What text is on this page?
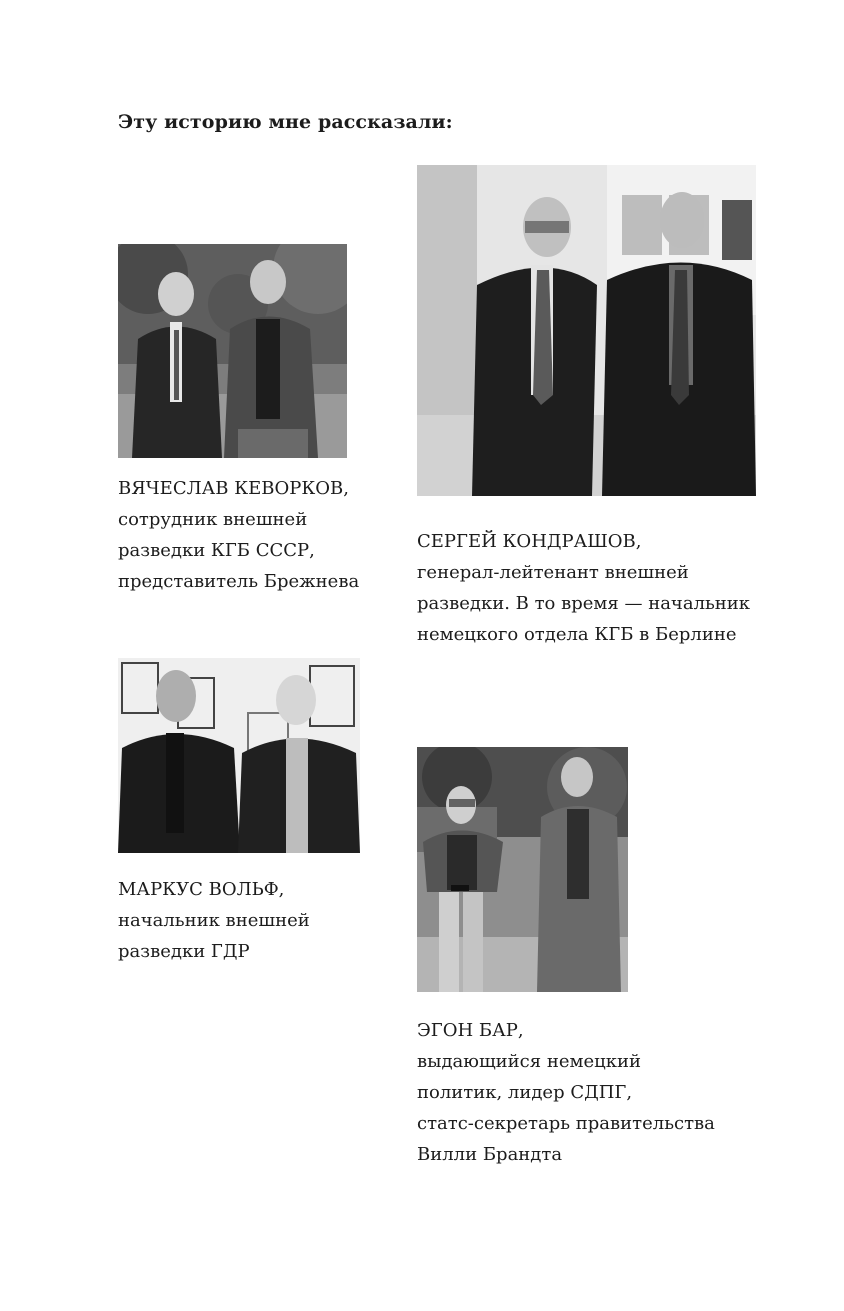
Эту историю мне рассказали:
ВЯЧЕСЛАВ КЕВОРКОВ,
сотрудник внешней
разведки КГБ СССР,
представитель Брежнева
СЕРГЕЙ КОНДРАШОВ,
генерал-лейтенант внешней
разведки. В то время — начальник
немецкого отдела КГБ в Берлине
МАРКУС ВОЛЬФ,
начальник внешней
разведки ГДР
ЭГОН БАР,
выдающийся немецкий
политик, лидер СДПГ,
статс-секретарь правительства
Вилли Брандта
